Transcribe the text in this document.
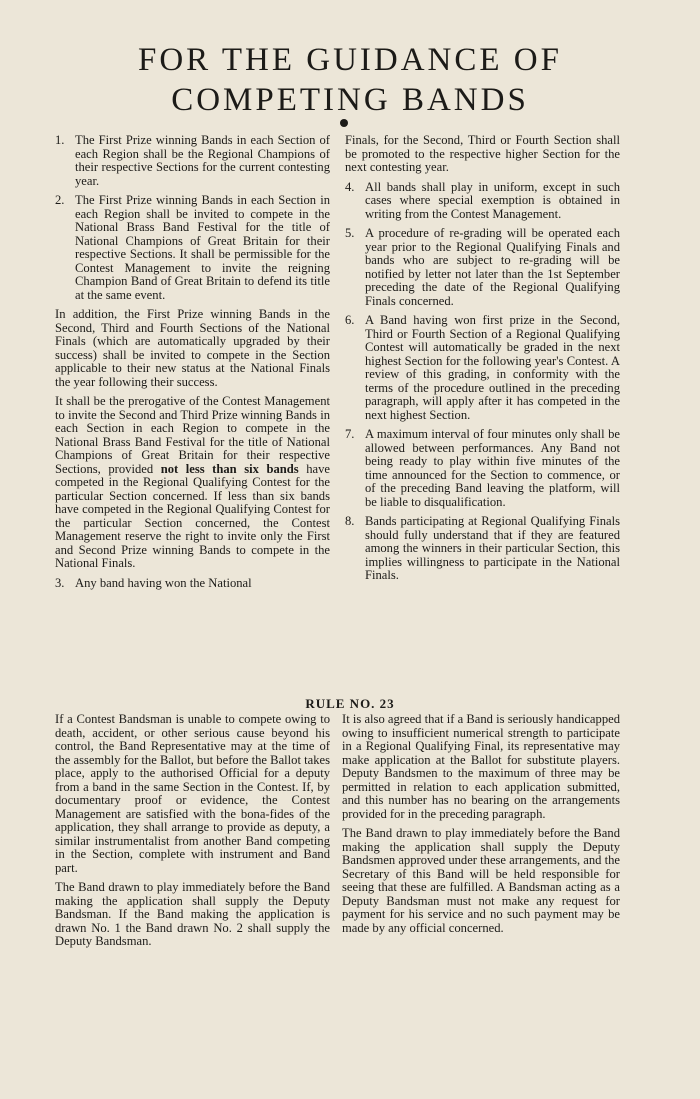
FOR THE GUIDANCE OF
COMPETING BANDS
1. The First Prize winning Bands in each Section of each Region shall be the Regional Champions of their respective Sections for the current contesting year.
2. The First Prize winning Bands in each Section in each Region shall be invited to compete in the National Brass Band Festival for the title of National Champions of Great Britain for their respective Sections. It shall be permissible for the Contest Management to invite the reigning Champion Band of Great Britain to defend its title at the same event.

In addition, the First Prize winning Bands in the Second, Third and Fourth Sections of the National Finals (which are automatically upgraded by their success) shall be invited to compete in the Section applicable to their new status at the National Finals the year following their success.

It shall be the prerogative of the Contest Management to invite the Second and Third Prize winning Bands in each Section in each Region to compete in the National Brass Band Festival for the title of National Champions of Great Britain for their respective Sections, provided not less than six bands have competed in the Regional Qualifying Contest for the particular Section concerned. If less than six bands have competed in the Regional Qualifying Contest for the particular Section concerned, the Contest Management reserve the right to invite only the First and Second Prize winning Bands to compete in the National Finals.

3. Any band having won the National

Finals, for the Second, Third or Fourth Section shall be promoted to the respective higher Section for the next contesting year.

4. All bands shall play in uniform, except in such cases where special exemption is obtained in writing from the Contest Management.
5. A procedure of re-grading will be operated each year prior to the Regional Qualifying Finals and bands who are subject to re-grading will be notified by letter not later than the 1st September preceding the date of the Regional Qualifying Finals concerned.
6. A Band having won first prize in the Second, Third or Fourth Section of a Regional Qualifying Contest will automatically be graded in the next highest Section for the following year's Contest. A review of this grading, in conformity with the terms of the procedure outlined in the preceding paragraph, will apply after it has competed in the next highest Section.
7. A maximum interval of four minutes only shall be allowed between performances. Any Band not being ready to play within five minutes of the time announced for the Section to commence, or of the preceding Band leaving the platform, will be liable to disqualification.
8. Bands participating at Regional Qualifying Finals should fully understand that if they are featured among the winners in their particular Section, this implies willingness to participate in the National Finals.
RULE NO. 23

If a Contest Bandsman is unable to compete owing to death, accident, or other serious cause beyond his control, the Band Representative may at the time of the assembly for the Ballot, but before the Ballot takes place, apply to the authorised Official for a deputy from a band in the same Section in the Contest. If, by documentary proof or evidence, the Contest Management are satisfied with the bona-fides of the application, they shall arrange to provide as deputy, a similar instrumentalist from another Band competing in the Section, complete with instrument and Band part.

The Band drawn to play immediately before the Band making the application shall supply the Deputy Bandsman. If the Band making the application is drawn No. 1 the Band drawn No. 2 shall supply the Deputy Bandsman.

It is also agreed that if a Band is seriously handicapped owing to insufficient numerical strength to participate in a Regional Qualifying Final, its representative may make application at the Ballot for substitute players. Deputy Bandsmen to the maximum of three may be permitted in relation to each application submitted, and this number has no bearing on the arrangements provided for in the preceding paragraph.

The Band drawn to play immediately before the Band making the application shall supply the Deputy Bandsmen approved under these arrangements, and the Secretary of this Band will be held responsible for seeing that these are fulfilled. A Bandsman acting as a Deputy Bandsman must not make any request for payment for his service and no such payment may be made by any official concerned.
